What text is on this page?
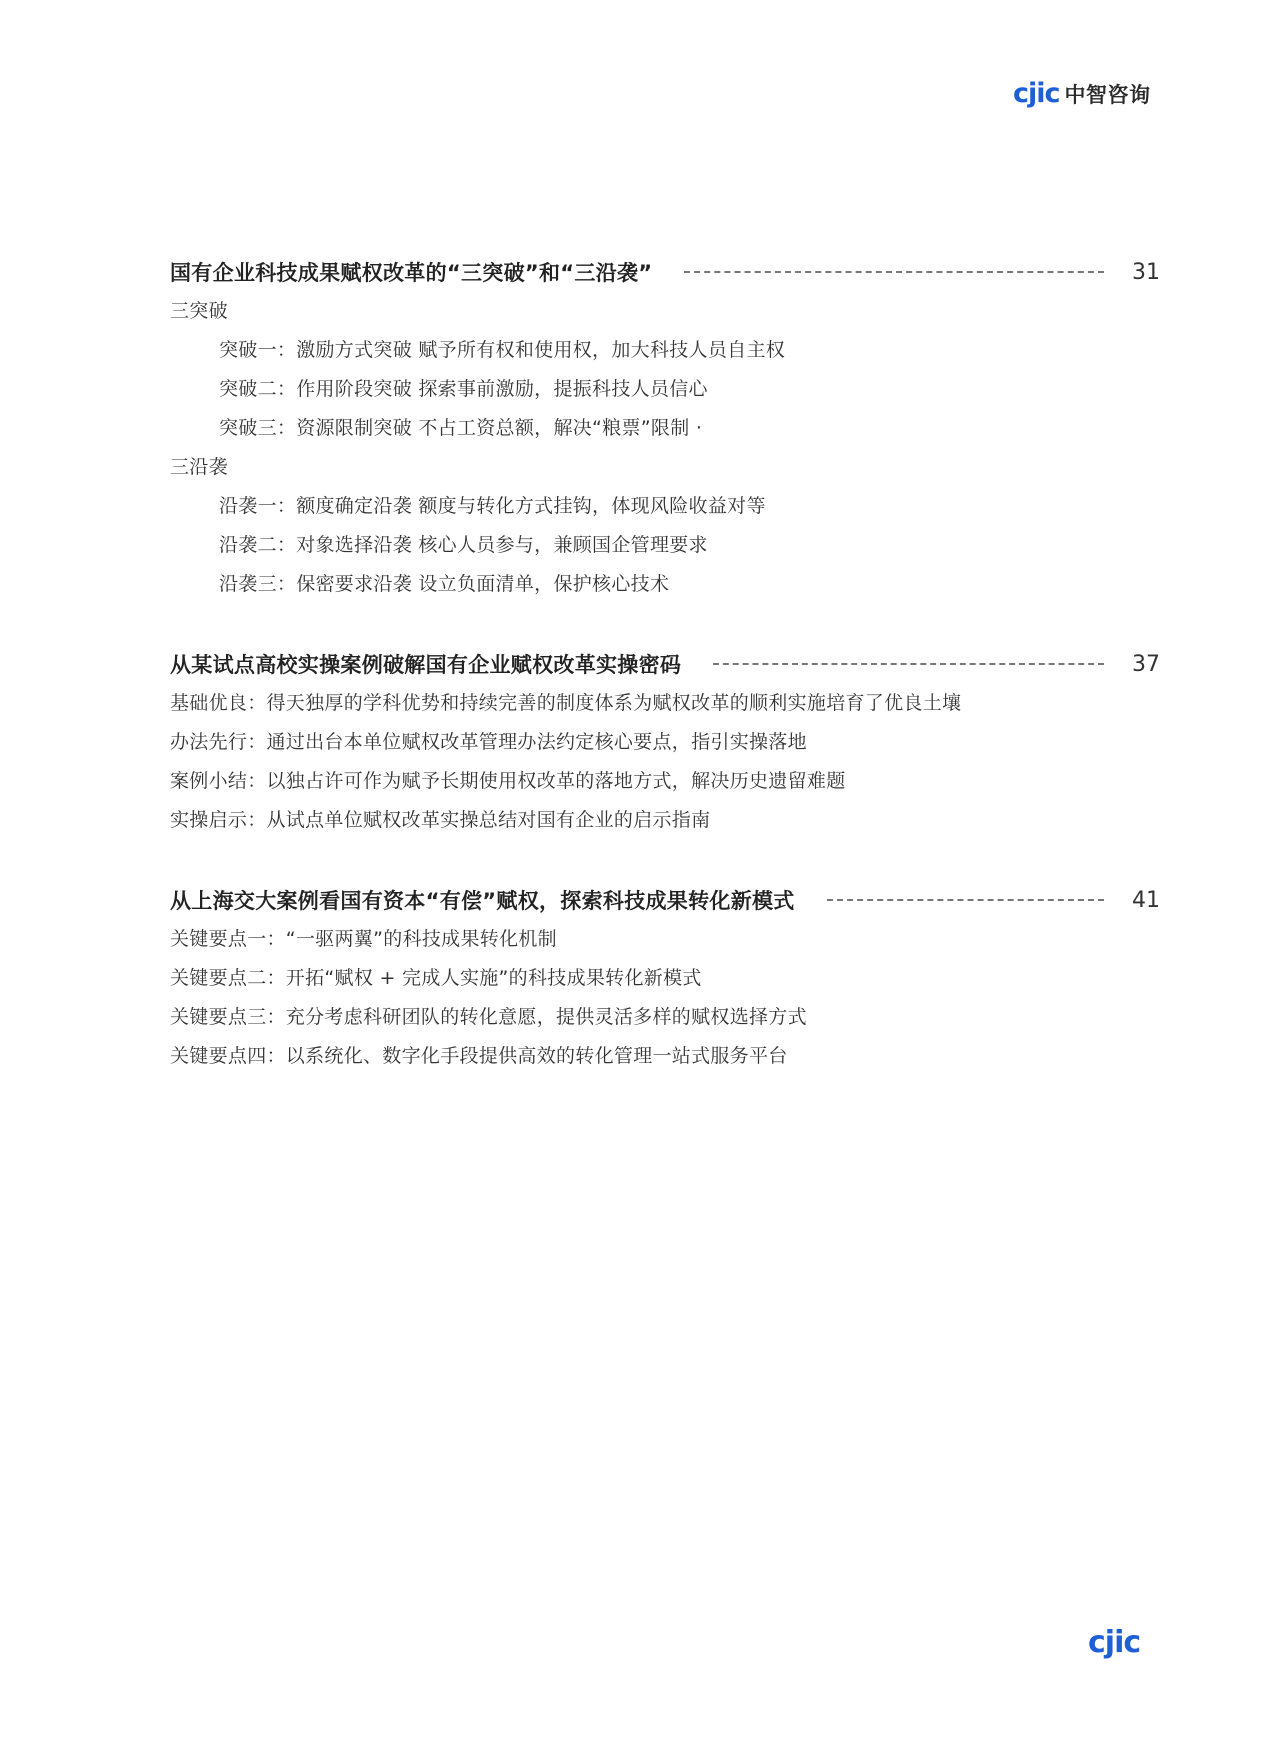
cjic 中智咨询
国有企业科技成果赋权改革的“三突破”和“三沿袭”	31
三突破
突破一：激励方式突破 赋予所有权和使用权，加大科技人员自主权
突破二：作用阶段突破 探索事前激励，提振科技人员信心
突破三：资源限制突破 不占工资总额，解决“粮票”限制 ·
三沿袭
沿袭一：额度确定沿袭 额度与转化方式挂钩，体现风险收益对等
沿袭二：对象选择沿袭 核心人员参与，兼顾国企管理要求
沿袭三：保密要求沿袭 设立负面清单，保护核心技术
从某试点高校实操案例破解国有企业赋权改革实操密码	37
基础优良：得天独厚的学科优势和持续完善的制度体系为赋权改革的顺利实施培育了优良土壤
办法先行：通过出台本单位赋权改革管理办法约定核心要点，指引实操落地
案例小结：以独占许可作为赋予长期使用权改革的落地方式，解决历史遗留难题
实操启示：从试点单位赋权改革实操总结对国有企业的启示指南
从上海交大案例看国有资本“有偿”赋权，探索科技成果转化新模式	41
关键要点一：“一驱两翼”的科技成果转化机制
关键要点二：开拓“赋权 + 完成人实施”的科技成果转化新模式
关键要点三：充分考虑科研团队的转化意愿，提供灵活多样的赋权选择方式
关键要点四：以系统化、数字化手段提供高效的转化管理一站式服务平台
cjic
